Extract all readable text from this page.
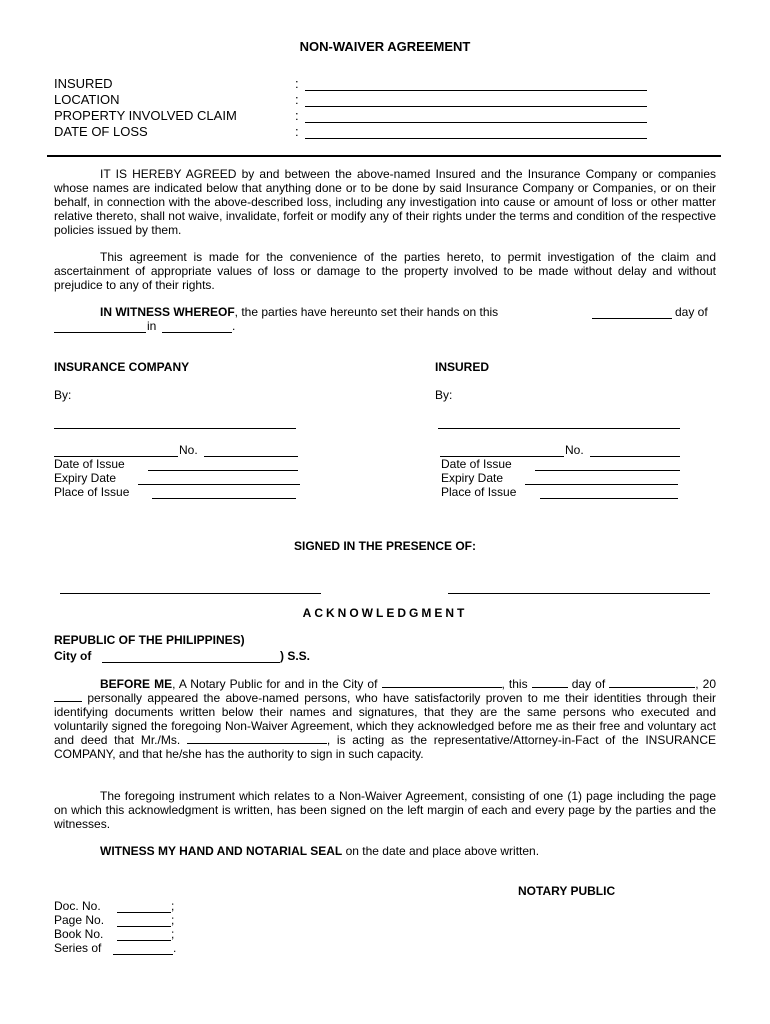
NON-WAIVER AGREEMENT
INSURED	:
LOCATION	:
PROPERTY INVOLVED CLAIM	:
DATE OF LOSS	:
IT IS HEREBY AGREED by and between the above-named Insured and the Insurance Company or companies whose names are indicated below that anything done or to be done by said Insurance Company or Companies, or on their behalf, in connection with the above-described loss, including any investigation into cause or amount of loss or other matter relative thereto, shall not waive, invalidate, forfeit or modify any of their rights under the terms and condition of the respective policies issued by them.
This agreement is made for the convenience of the parties hereto, to permit investigation of the claim and ascertainment of appropriate values of loss or damage to the property involved to be made without delay and without prejudice to any of their rights.
IN WITNESS WHEREOF, the parties have hereunto set their hands on this	day of
in	.
INSURANCE COMPANY
By:
No.
Date of Issue
Expiry Date
Place of Issue
INSURED
By:
No.
Date of Issue
Expiry Date
Place of Issue
SIGNED IN THE PRESENCE OF:
ACKNOWLEDGMENT
REPUBLIC OF THE PHILIPPINES)
City of	) S.S.
BEFORE ME, A Notary Public for and in the City of	, this	day of	, 20 personally appeared the above-named persons, who have satisfactorily proven to me their identities through their identifying documents written below their names and signatures, that they are the same persons who executed and voluntarily signed the foregoing Non-Waiver Agreement, which they acknowledged before me as their free and voluntary act and deed that Mr./Ms.	, is acting as the representative/Attorney-in-Fact of the INSURANCE COMPANY, and that he/she has the authority to sign in such capacity.
The foregoing instrument which relates to a Non-Waiver Agreement, consisting of one (1) page including the page on which this acknowledgment is written, has been signed on the left margin of each and every page by the parties and the witnesses.
WITNESS MY HAND AND NOTARIAL SEAL on the date and place above written.
NOTARY PUBLIC
Doc. No.	;
Page No.	;
Book No.	;
Series of	.
